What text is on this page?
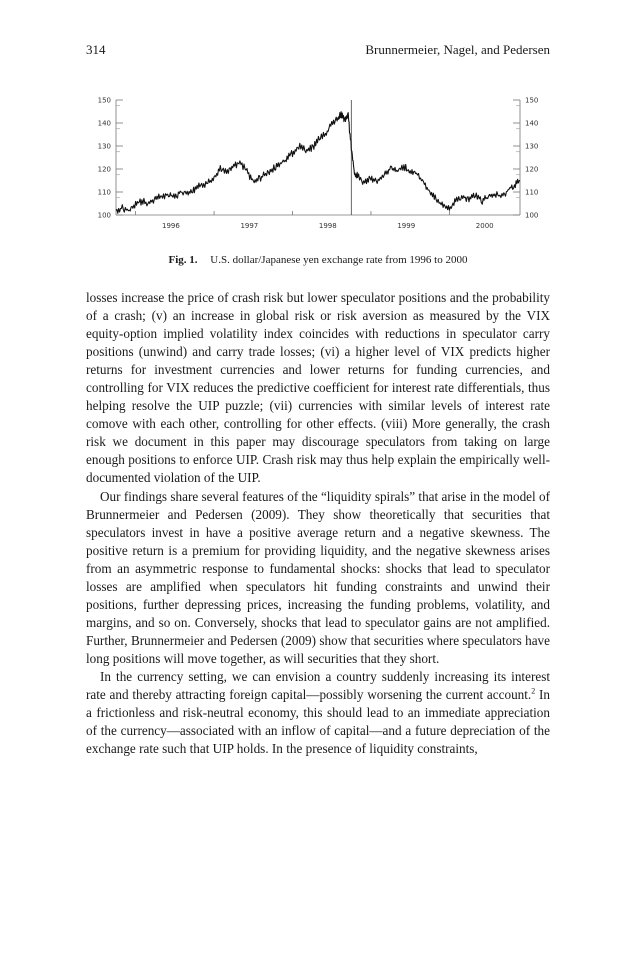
314	Brunnermeier, Nagel, and Pedersen
150	150
140	140
130	130
120	120
110	110
100	100
1996	1997	1998	1999	2000
Fig. 1. U.S. dollar/Japanese yen exchange rate from 1996 to 2000

losses increase the price of crash risk but lower speculator positions and the probability of a crash; (v) an increase in global risk or risk aversion as measured by the VIX equity-option implied volatility index coincides with reductions in speculator carry positions (unwind) and carry trade losses; (vi) a higher level of VIX predicts higher returns for investment currencies and lower returns for funding currencies, and controlling for VIX reduces the predictive coefficient for interest rate differentials, thus helping resolve the UIP puzzle; (vii) currencies with similar levels of interest rate comove with each other, controlling for other effects. (viii) More generally, the crash risk we document in this paper may discourage speculators from taking on large enough positions to enforce UIP. Crash risk may thus help explain the empirically well-documented violation of the UIP.

Our findings share several features of the “liquidity spirals” that arise in the model of Brunnermeier and Pedersen (2009). They show theoretically that securities that speculators invest in have a positive average return and a negative skewness. The positive return is a premium for providing liquidity, and the negative skewness arises from an asymmetric response to fundamental shocks: shocks that lead to speculator losses are amplified when speculators hit funding constraints and unwind their positions, further depressing prices, increasing the funding problems, volatility, and margins, and so on. Conversely, shocks that lead to speculator gains are not amplified. Further, Brunnermeier and Pedersen (2009) show that securities where speculators have long positions will move together, as will securities that they short.

In the currency setting, we can envision a country suddenly increasing its interest rate and thereby attracting foreign capital—possibly worsening the current account.$^2$ In a frictionless and risk-neutral economy, this should lead to an immediate appreciation of the currency—associated with an inflow of capital—and a future depreciation of the exchange rate such that UIP holds. In the presence of liquidity constraints,
